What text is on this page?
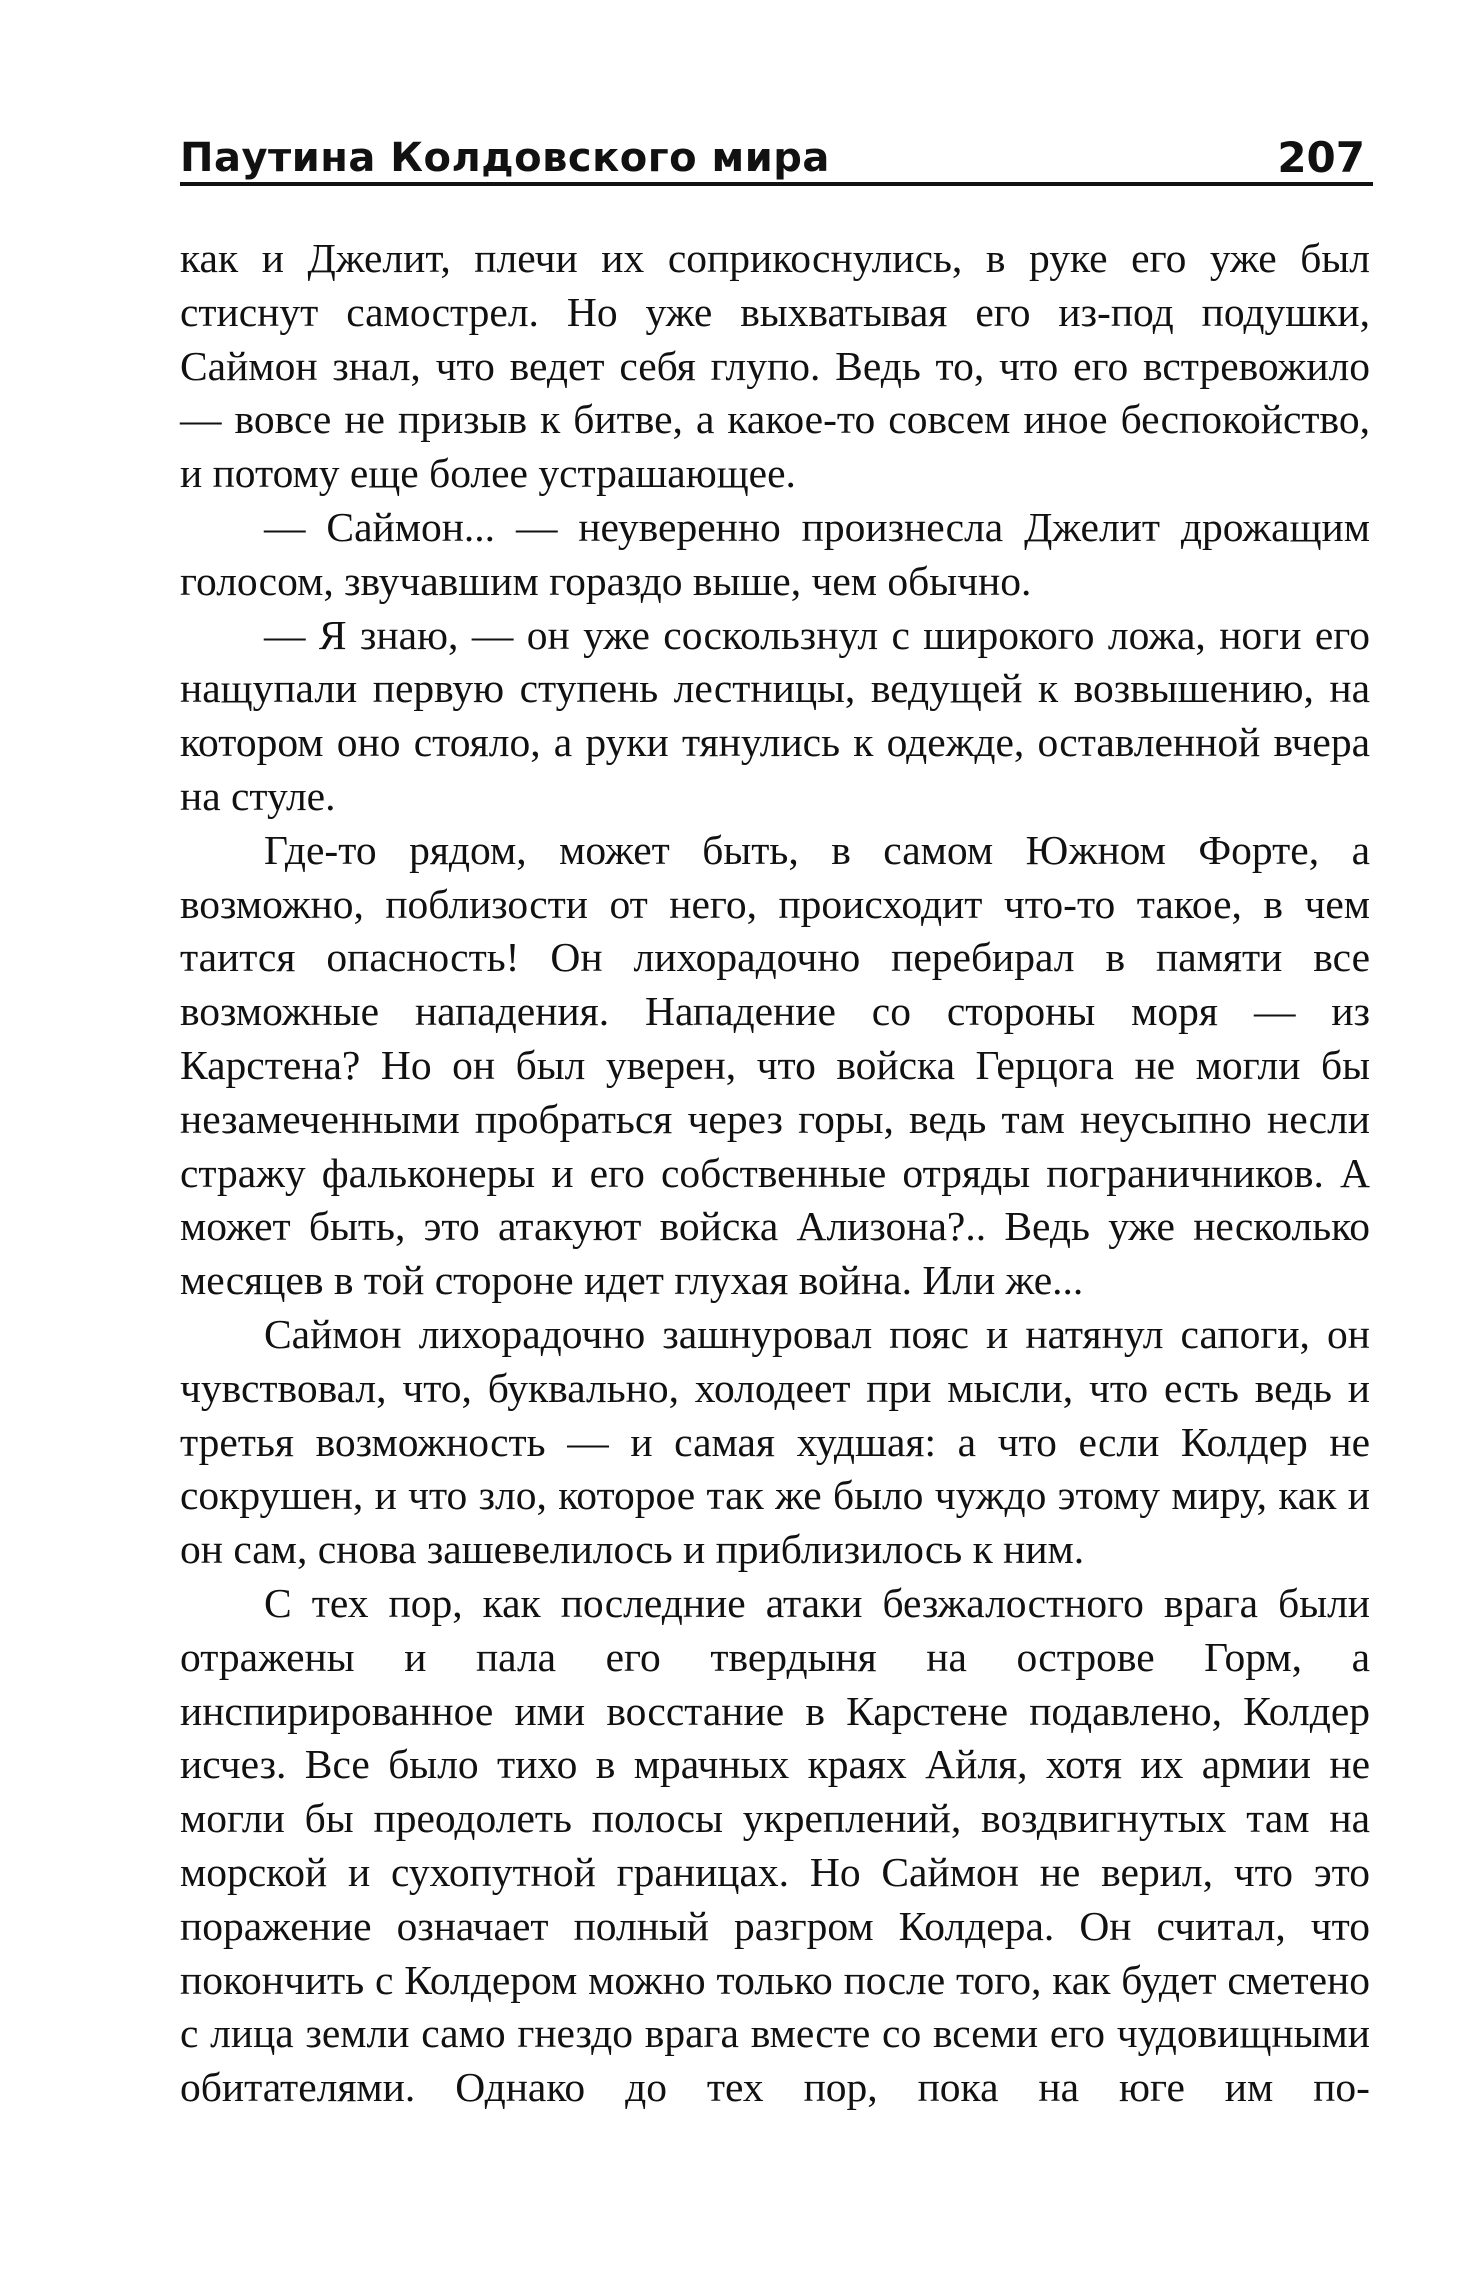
Паутина Колдовского мира	207

как и Джелит, плечи их соприкоснулись, в руке его уже был стиснут самострел. Но уже выхватывая его из-под подушки, Саймон знал, что ведет себя глупо. Ведь то, что его встревожило — вовсе не призыв к битве, а какое-то совсем иное беспокойство, и потому еще более устрашающее.

— Саймон... — неуверенно произнесла Джелит дрожащим голосом, звучавшим гораздо выше, чем обычно.

— Я знаю, — он уже соскользнул с широкого ложа, ноги его нащупали первую ступень лестницы, ведущей к возвышению, на котором оно стояло, а руки тянулись к одежде, оставленной вчера на стуле.

Где-то рядом, может быть, в самом Южном Форте, а возможно, поблизости от него, происходит что-то такое, в чем таится опасность! Он лихорадочно перебирал в памяти все возможные нападения. Нападение со стороны моря — из Карстена? Но он был уверен, что войска Герцога не могли бы незамеченными пробраться через горы, ведь там неусыпно несли стражу фальконеры и его собственные отряды пограничников. А может быть, это атакуют войска Ализона?.. Ведь уже несколько месяцев в той стороне идет глухая война. Или же...

Саймон лихорадочно зашнуровал пояс и натянул сапоги, он чувствовал, что, буквально, холодеет при мысли, что есть ведь и третья возможность — и самая худшая: а что если Колдер не сокрушен, и что зло, которое так же было чуждо этому миру, как и он сам, снова зашевелилось и приблизилось к ним.

С тех пор, как последние атаки безжалостного врага были отражены и пала его твердыня на острове Горм, а инспирированное ими восстание в Карстене подавлено, Колдер исчез. Все было тихо в мрачных краях Айля, хотя их армии не могли бы преодолеть полосы укреплений, воздвигнутых там на морской и сухопутной границах. Но Саймон не верил, что это поражение означает полный разгром Колдера. Он считал, что покончить с Колдером можно только после того, как будет сметено с лица земли само гнездо врага вместе со всеми его чудовищными обитателями. Однако до тех пор, пока на юге им по-
